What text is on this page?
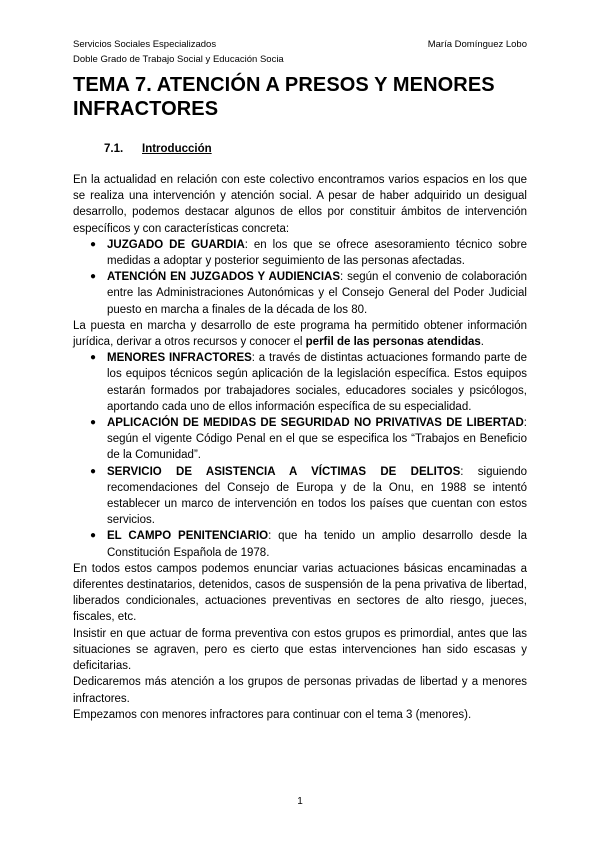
Servicios Sociales Especializados	María Domínguez Lobo
Doble Grado de Trabajo Social y Educación Socia
TEMA 7. ATENCIÓN A PRESOS Y MENORES INFRACTORES
7.1. Introducción

En la actualidad en relación con este colectivo encontramos varios espacios en los que se realiza una intervención y atención social. A pesar de haber adquirido un desigual desarrollo, podemos destacar algunos de ellos por constituir ámbitos de intervención específicos y con características concreta:

● JUZGADO DE GUARDIA: en los que se ofrece asesoramiento técnico sobre medidas a adoptar y posterior seguimiento de las personas afectadas.
● ATENCIÓN EN JUZGADOS Y AUDIENCIAS: según el convenio de colaboración entre las Administraciones Autonómicas y el Consejo General del Poder Judicial puesto en marcha a finales de la década de los 80.

La puesta en marcha y desarrollo de este programa ha permitido obtener información jurídica, derivar a otros recursos y conocer el perfil de las personas atendidas.

● MENORES INFRACTORES: a través de distintas actuaciones formando parte de los equipos técnicos según aplicación de la legislación específica. Estos equipos estarán formados por trabajadores sociales, educadores sociales y psicólogos, aportando cada uno de ellos información específica de su especialidad.
● APLICACIÓN DE MEDIDAS DE SEGURIDAD NO PRIVATIVAS DE LIBERTAD: según el vigente Código Penal en el que se especifica los “Trabajos en Beneficio de la Comunidad”.
● SERVICIO DE ASISTENCIA A VÍCTIMAS DE DELITOS: siguiendo recomendaciones del Consejo de Europa y de la Onu, en 1988 se intentó establecer un marco de intervención en todos los países que cuentan con estos servicios.
● EL CAMPO PENITENCIARIO: que ha tenido un amplio desarrollo desde la Constitución Española de 1978.

En todos estos campos podemos enunciar varias actuaciones básicas encaminadas a diferentes destinatarios, detenidos, casos de suspensión de la pena privativa de libertad, liberados condicionales, actuaciones preventivas en sectores de alto riesgo, jueces, fiscales, etc.

Insistir en que actuar de forma preventiva con estos grupos es primordial, antes que las situaciones se agraven, pero es cierto que estas intervenciones han sido escasas y deficitarias.

Dedicaremos más atención a los grupos de personas privadas de libertad y a menores infractores.

Empezamos con menores infractores para continuar con el tema 3 (menores).

1
